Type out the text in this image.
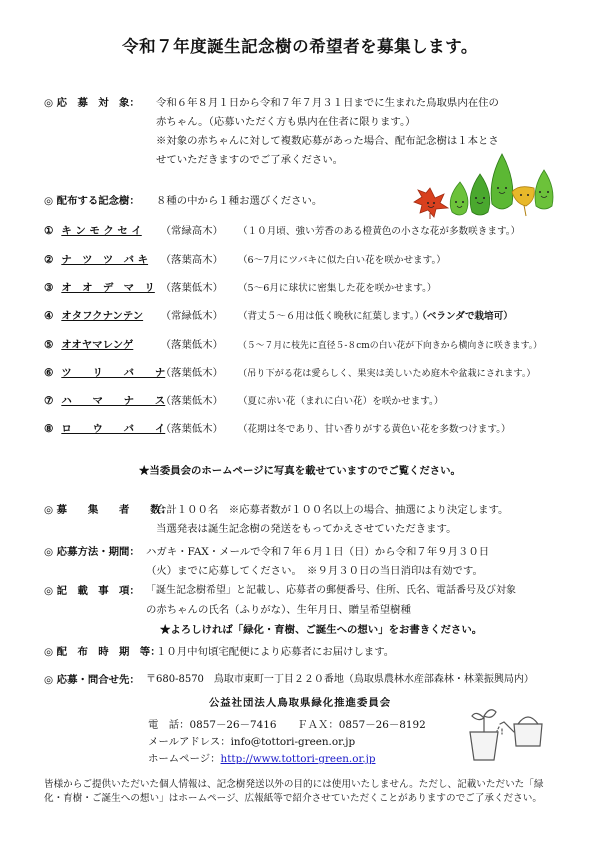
令和７年度誕生記念樹の希望者を募集します。
◎ 応　募　対　象： 令和６年８月１日から令和７年７月３１日までに生まれた鳥取県内在住の
赤ちゃん。（応募いただく方も県内在住者に限ります。）
※対象の赤ちゃんに対して複数応募があった場合、配布記念樹は１本とさ
せていただきますのでご了承ください。
◎ 配布する記念樹： ８種の中から１種お選びください。
① キ ン モ ク セ イ （常緑高木） （１０月頃、強い芳香のある橙黄色の小さな花が多数咲きます。）
② ナ　ツ　ツ　バ キ （落葉高木） （6～7月にツバキに似た白い花を咲かせます。）
③ オ　オ　デ　マ　リ （落葉低木） （5～6月に球状に密集した花を咲かせます。）
④ オタフクナンテン （常緑低木） （背丈５～６用は低く晩秋に紅葉します。） （ベランダで栽培可）
⑤ オオヤマレンゲ	（落葉低木） （５～７月に枝先に直径５-８cmの白い花が下向きから横向きに咲きます。）
⑥ ツ　　リ　　バ　　ナ （落葉低木） （吊り下がる花は愛らしく、果実は美しいため庭木や盆栽にされます。）
⑦ ハ　　マ　　ナ　　ス （落葉低木） （夏に赤い花（まれに白い花）を咲かせます。）
⑧ ロ　　ウ　　バ　　イ （落葉低木） （花期は冬であり、甘い香りがする黄色い花を多数つけます。）
★当委員会のホームページに写真を載せていますのでご覧ください。
◎ 募　　集　　者　　数：
合計１００名　※応募者数が１００名以上の場合、抽選により決定します。
当選発表は誕生記念樹の発送をもってかえさせていただきます。
◎ 応募方法・期間： ハガキ・FAX・メールで令和７年６月１日（日）から令和７年９月３０日
（火）までに応募してください。　※９月３０日の当日消印は有効です。
◎ 記　載　事　項： 「誕生記念樹希望」と記載し、応募者の郵便番号、住所、氏名、電話番号及び対象
の赤ちゃんの氏名（ふりがな）、生年月日、贈呈希望樹種
★よろしければ「緑化・育樹、ご誕生への想い」をお書きください。
◎ 配　布　時　期　等：
１０月中旬頃宅配便により応募者にお届けします。
◎ 応募・問合せ先： 〒680-8570　鳥取市東町一丁目２２０番地（鳥取県農林水産部森林・林業振興局内）
公益社団法人鳥取県緑化推進委員会
電　話：0857－26－7416　　ＦＡＸ：0857－26－8192
メールアドレス：info@tottori-green.or.jp
ホームページ：http://www.tottori-green.or.jp
皆様からご提供いただいた個人情報は、記念樹発送以外の目的には使用いたしません。ただし、記載いただいた「緑化・育樹・ご誕生への想い」はホームページ、広報紙等で紹介させていただくことがありますのでご了承ください。
